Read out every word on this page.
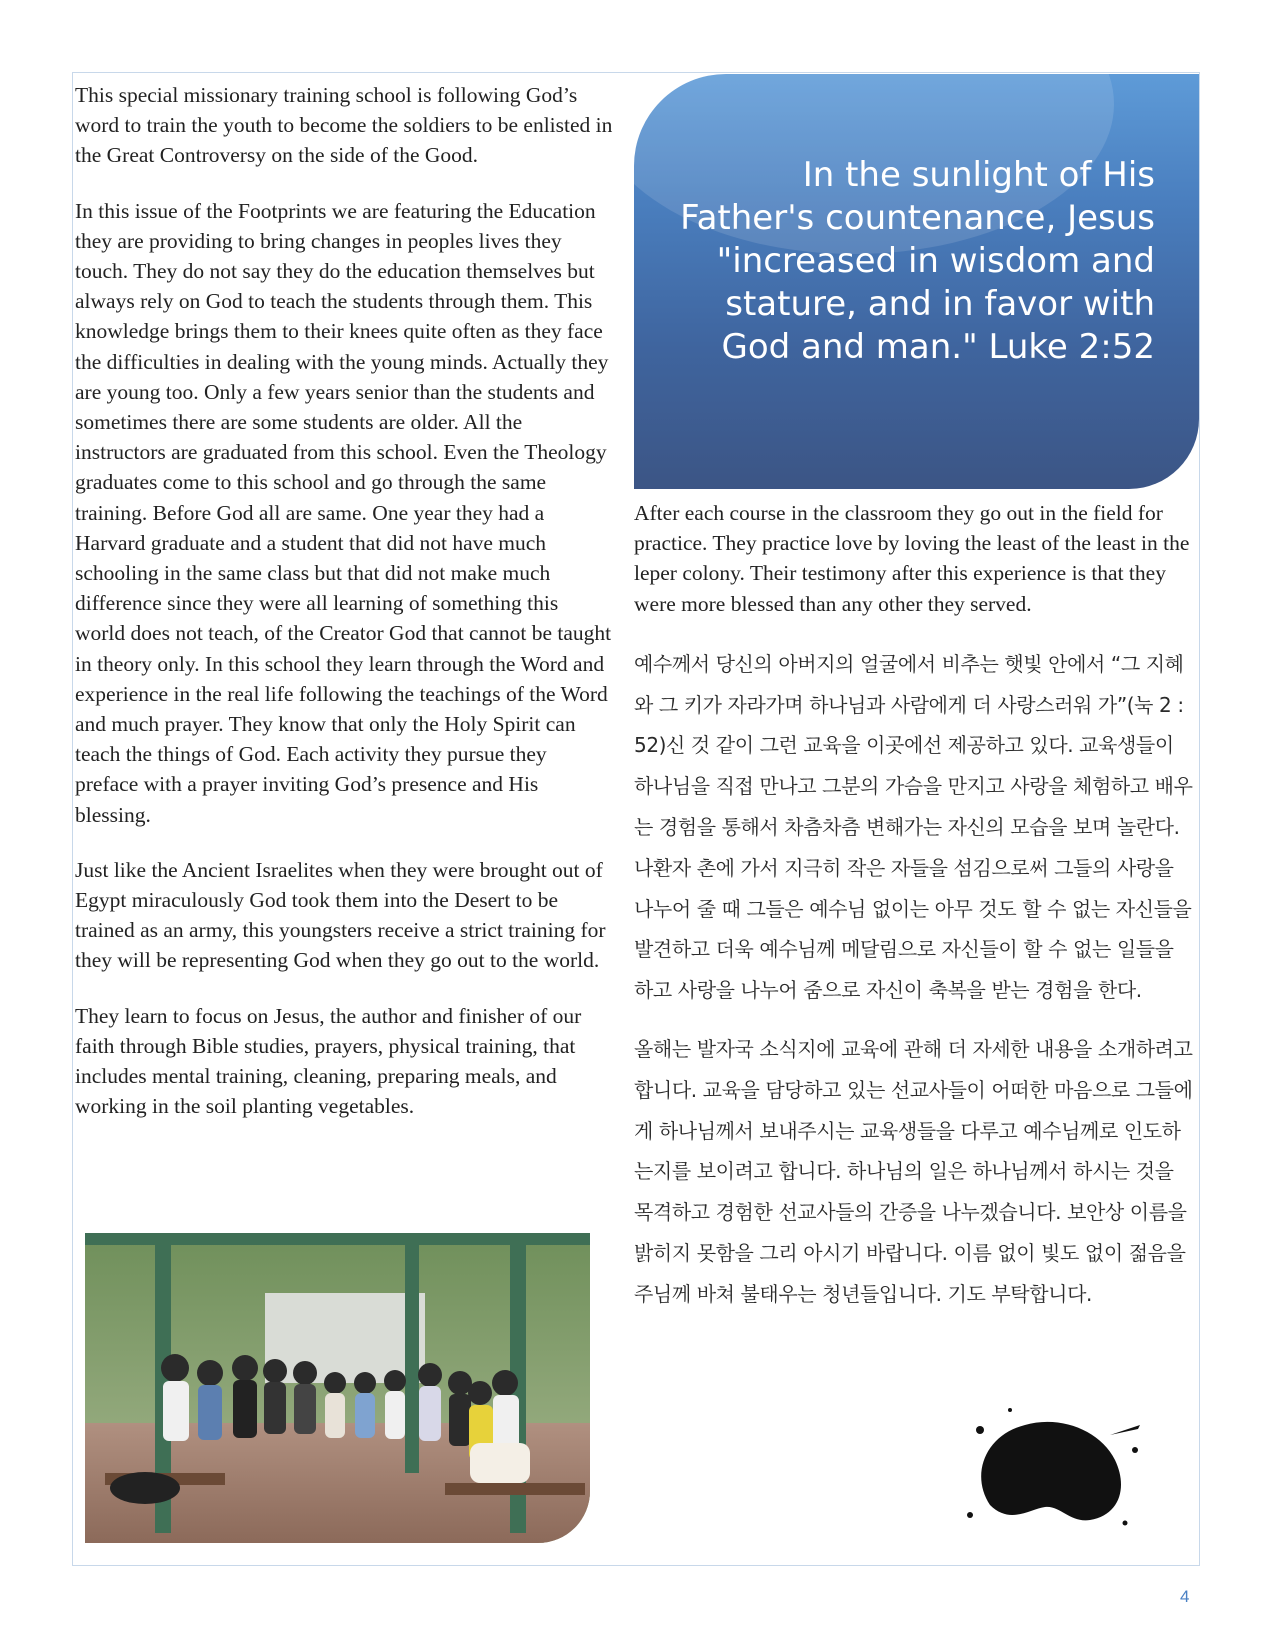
This special missionary training school is following God’s word to train the youth to become the soldiers to be enlisted in the Great Controversy on the side of the Good.

In this issue of the Footprints we are featuring the Education they are providing to bring changes in peoples lives they touch. They do not say they do the education themselves but always rely on God to teach the students through them. This knowledge brings them to their knees quite often as they face the difficulties in dealing with the young minds. Actually they are young too. Only a few years senior than the students and sometimes there are some students are older. All the instructors are graduated from this school. Even the Theology graduates come to this school and go through the same training. Before God all are same. One year they had a Harvard graduate and a student that did not have much schooling in the same class but that did not make much difference since they were all learning of something this world does not teach, of the Creator God that cannot be taught in theory only. In this school they learn through the Word and experience in the real life following the teachings of the Word and much prayer. They know that only the Holy Spirit can teach the things of God. Each activity they pursue they preface with a prayer inviting God’s presence and His blessing.

Just like the Ancient Israelites when they were brought out of Egypt miraculously God took them into the Desert to be trained as an army, this youngsters receive a strict training for they will be representing God when they go out to the world.

They learn to focus on Jesus, the author and finisher of our faith through Bible studies, prayers, physical training, that includes mental training, cleaning, preparing meals, and working in the soil planting vegetables.

In the sunlight of His Father's countenance, Jesus "increased in wisdom and stature, and in favor with God and man." Luke 2:52

After each course in the classroom they go out in the field for practice. They practice love by loving the least of the least in the leper colony. Their testimony after this experience is that they were more blessed than any other they served.

예수께서 당신의 아버지의 얼굴에서 비추는 햇빛 안에서 “그 지혜와 그 키가 자라가며 하나님과 사람에게 더 사랑스러워 가”(눅 2 : 52)신 것 같이 그런 교육을 이곳에선 제공하고 있다. 교육생들이 하나님을 직접 만나고 그분의 가슴을 만지고 사랑을 체험하고 배우는 경험을 통해서 차츰차츰 변해가는 자신의 모습을 보며 놀란다. 나환자 촌에 가서 지극히 작은 자들을 섬김으로써 그들의 사랑을 나누어 줄 때 그들은 예수님 없이는 아무 것도 할 수 없는 자신들을 발견하고 더욱 예수님께 메달림으로 자신들이 할 수 없는 일들을 하고 사랑을 나누어 줌으로 자신이 축복을 받는 경험을 한다.

올해는 발자국 소식지에 교육에 관해 더 자세한 내용을 소개하려고 합니다. 교육을 담당하고 있는 선교사들이 어떠한 마음으로 그들에게 하나님께서 보내주시는 교육생들을 다루고 예수님께로 인도하는지를 보이려고 합니다. 하나님의 일은 하나님께서 하시는 것을 목격하고 경험한 선교사들의 간증을 나누겠습니다. 보안상 이름을 밝히지 못함을 그리 아시기 바랍니다. 이름 없이 빛도 없이 젊음을 주님께 바쳐 불태우는 청년들입니다. 기도 부탁합니다.

4
